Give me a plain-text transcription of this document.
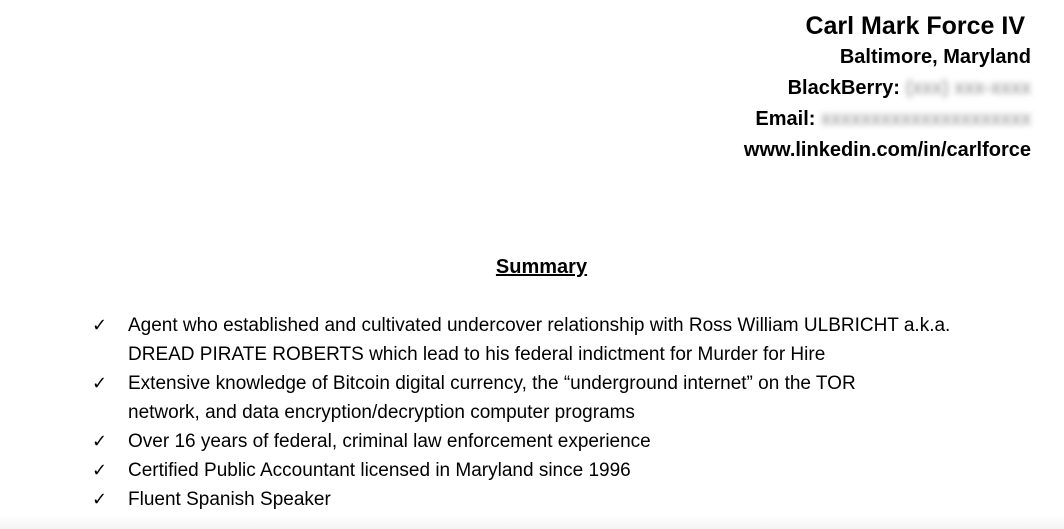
Carl Mark Force IV
Baltimore, Maryland
BlackBerry: (xxx) xxx-xxxx
Email: xxxxxxxxxxxxxxxxxxxxx
www.linkedin.com/in/carlforce
Summary
✓	Agent who established and cultivated undercover relationship with Ross William ULBRICHT a.k.a.
DREAD PIRATE ROBERTS which lead to his federal indictment for Murder for Hire
✓	Extensive knowledge of Bitcoin digital currency, the “underground internet” on the TOR
network, and data encryption/decryption computer programs
✓	Over 16 years of federal, criminal law enforcement experience
✓	Certified Public Accountant licensed in Maryland since 1996
✓	Fluent Spanish Speaker
